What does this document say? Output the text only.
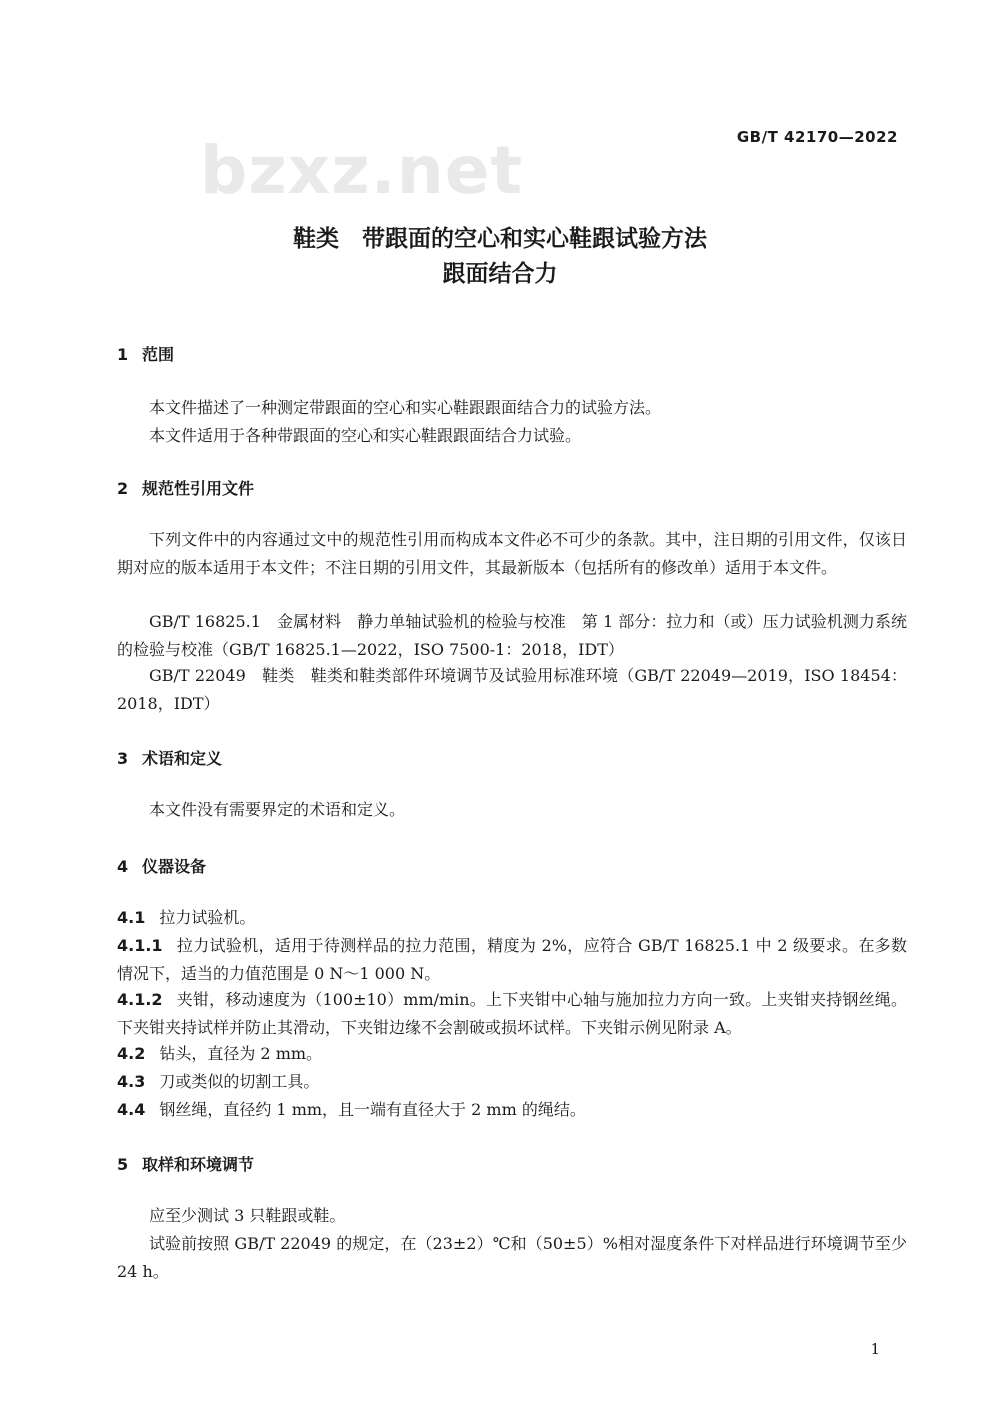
bzxz.net	GB/T 42170—2022
鞋类　带跟面的空心和实心鞋跟试验方法
跟面结合力
1 范围
本文件描述了一种测定带跟面的空心和实心鞋跟跟面结合力的试验方法。
本文件适用于各种带跟面的空心和实心鞋跟跟面结合力试验。
2 规范性引用文件
下列文件中的内容通过文中的规范性引用而构成本文件必不可少的条款。其中，注日期的引用文件，仅该日期对应的版本适用于本文件；不注日期的引用文件，其最新版本（包括所有的修改单）适用于本文件。
GB/T 16825.1　金属材料　静力单轴试验机的检验与校准　第 1 部分：拉力和（或）压力试验机测力系统的检验与校准（GB/T 16825.1—2022，ISO 7500-1：2018，IDT）
GB/T 22049　鞋类　鞋类和鞋类部件环境调节及试验用标准环境（GB/T 22049—2019，ISO 18454：2018，IDT）
3 术语和定义
本文件没有需要界定的术语和定义。
4 仪器设备
4.1 拉力试验机。
4.1.1 拉力试验机，适用于待测样品的拉力范围，精度为 2%，应符合 GB/T 16825.1 中 2 级要求。在多数情况下，适当的力值范围是 0 N～1 000 N。
4.1.2 夹钳，移动速度为（100±10）mm/min。上下夹钳中心轴与施加拉力方向一致。上夹钳夹持钢丝绳。下夹钳夹持试样并防止其滑动，下夹钳边缘不会割破或损坏试样。下夹钳示例见附录 A。
4.2 钻头，直径为 2 mm。
4.3 刀或类似的切割工具。
4.4 钢丝绳，直径约 1 mm，且一端有直径大于 2 mm 的绳结。
5 取样和环境调节
应至少测试 3 只鞋跟或鞋。
试验前按照 GB/T 22049 的规定，在（23±2）℃和（50±5）%相对湿度条件下对样品进行环境调节至少 24 h。
1
